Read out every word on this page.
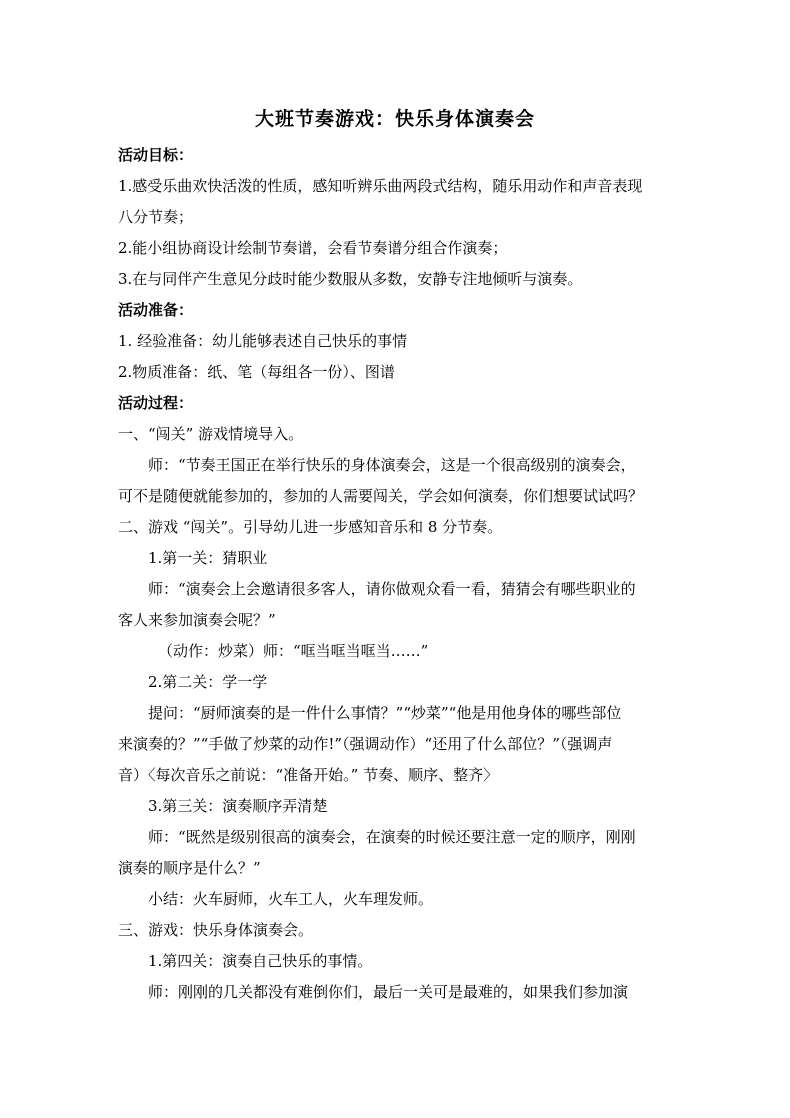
大班节奏游戏：快乐身体演奏会
活动目标：
1.感受乐曲欢快活泼的性质，感知听辨乐曲两段式结构，随乐用动作和声音表现
八分节奏；
2.能小组协商设计绘制节奏谱，会看节奏谱分组合作演奏；
3.在与同伴产生意见分歧时能少数服从多数，安静专注地倾听与演奏。
活动准备：
1. 经验准备：幼儿能够表述自己快乐的事情
2.物质准备：纸、笔（每组各一份）、图谱
活动过程：
一、“闯关” 游戏情境导入。
师：“节奏王国正在举行快乐的身体演奏会，这是一个很高级别的演奏会，
可不是随便就能参加的，参加的人需要闯关，学会如何演奏，你们想要试试吗？
二、游戏 “闯关”。引导幼儿进一步感知音乐和 8 分节奏。
1.第一关：猜职业
师：“演奏会上会邀请很多客人，请你做观众看一看，猜猜会有哪些职业的
客人来参加演奏会呢？”
（动作：炒菜）师：“哐当哐当哐当……”
2.第二关：学一学
提问：“厨师演奏的是一件什么事情？”“炒菜”“他是用他身体的哪些部位
来演奏的？”“手做了炒菜的动作!”（强调动作）“还用了什么部位？”（强调声
音）〈每次音乐之前说：“准备开始。” 节奏、顺序、整齐〉
3.第三关：演奏顺序弄清楚
师：“既然是级别很高的演奏会，在演奏的时候还要注意一定的顺序，刚刚
演奏的顺序是什么？”
小结：火车厨师，火车工人，火车理发师。
三、游戏：快乐身体演奏会。
1.第四关：演奏自己快乐的事情。
师：刚刚的几关都没有难倒你们，最后一关可是最难的，如果我们参加演
